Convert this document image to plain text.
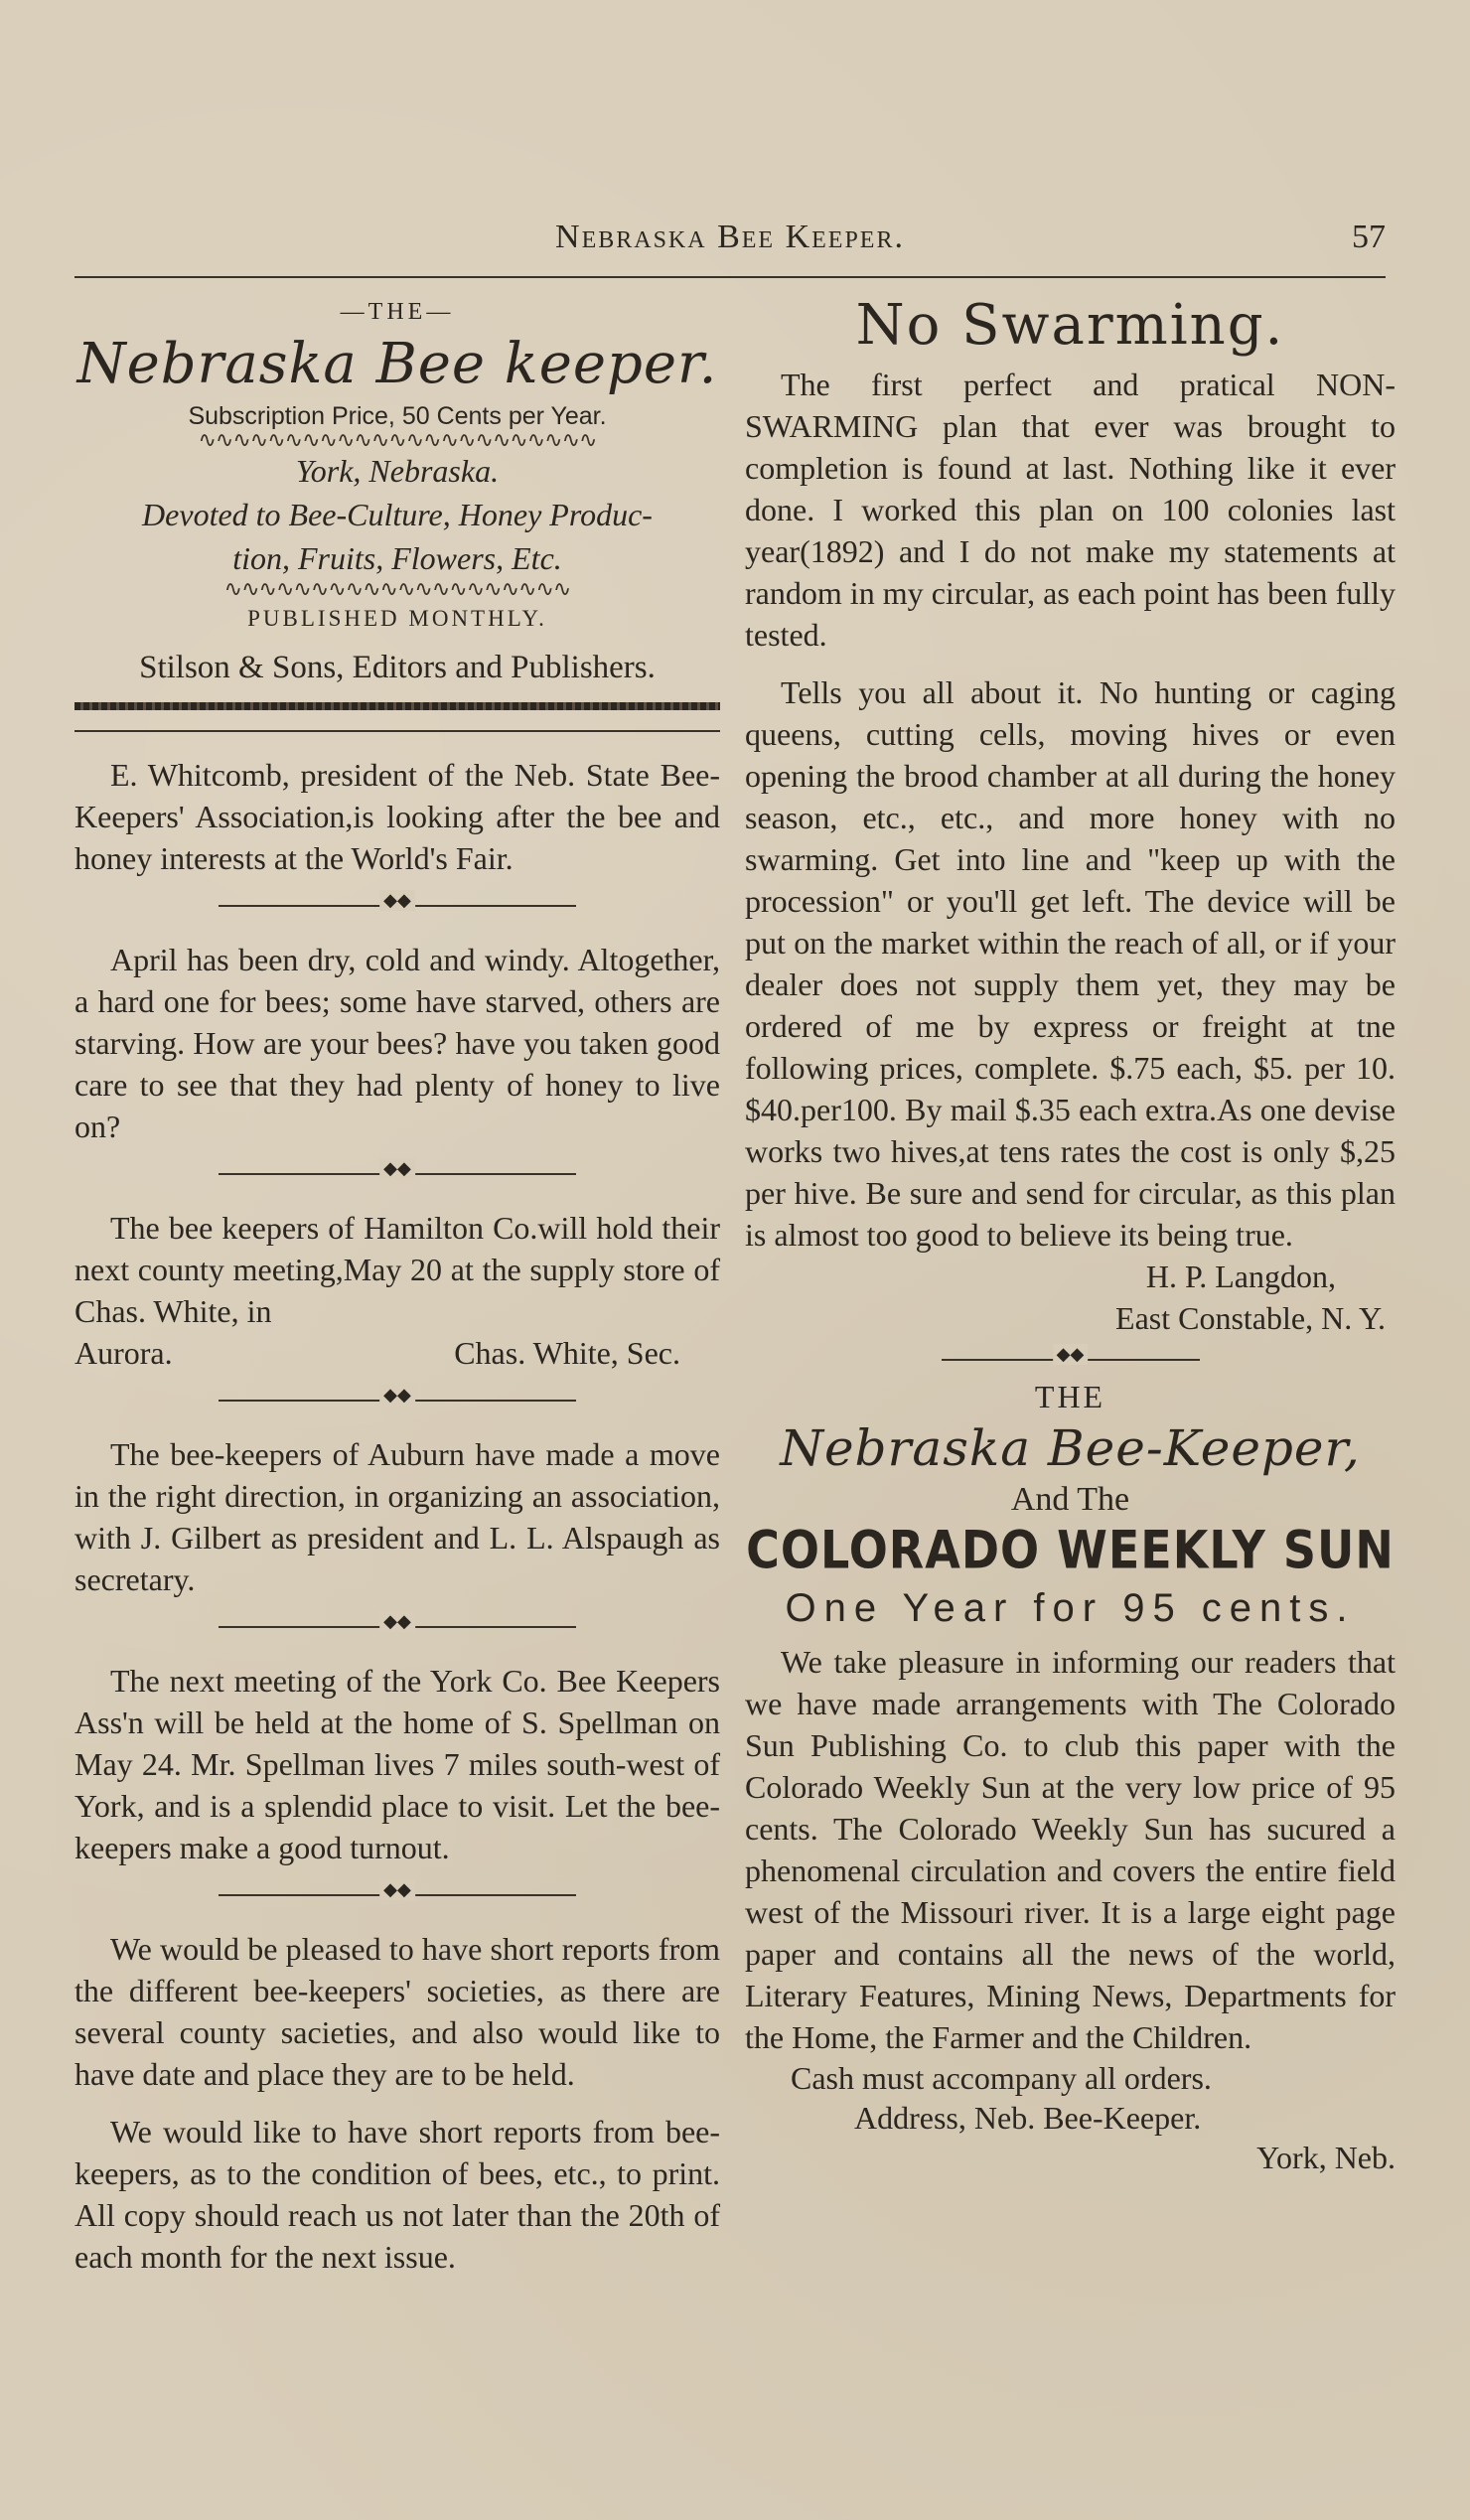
Nebraska Bee Keeper.	57
—THE—
Nebraska Bee keeper.
Subscription Price, 50 Cents per Year.
∿∿∿∿∿∿∿∿∿∿∿∿∿∿∿∿∿∿∿∿∿∿∿
York, Nebraska.
Devoted to Bee-Culture, Honey Produc-
tion, Fruits, Flowers, Etc.
∿∿∿∿∿∿∿∿∿∿∿∿∿∿∿∿∿∿∿∿
PUBLISHED MONTHLY.
Stilson & Sons, Editors and Publishers.

E. Whitcomb, president of the Neb. State Bee-Keepers' Association,is looking after the bee and honey interests at the World's Fair.

◆◆

April has been dry, cold and windy. Altogether, a hard one for bees; some have starved, others are starving. How are your bees? have you taken good care to see that they had plenty of honey to live on?

◆◆

The bee keepers of Hamilton Co.will hold their next county meeting,May 20 at the supply store of Chas. White, in

Aurora.	Chas. White, Sec.
◆◆

The bee-keepers of Auburn have made a move in the right direction, in organizing an association, with J. Gilbert as president and L. L. Alspaugh as secretary.

◆◆

The next meeting of the York Co. Bee Keepers Ass'n will be held at the home of S. Spellman on May 24. Mr. Spellman lives 7 miles south-west of York, and is a splendid place to visit. Let the bee-keepers make a good turnout.

◆◆

We would be pleased to have short reports from the different bee-keepers' societies, as there are several county sacieties, and also would like to have date and place they are to be held.

We would like to have short reports from bee-keepers, as to the condition of bees, etc., to print. All copy should reach us not later than the 20th of each month for the next issue.

No Swarming.

The first perfect and pratical NON-SWARMING plan that ever was brought to completion is found at last. Nothing like it ever done. I worked this plan on 100 colonies last year(1892) and I do not make my statements at random in my circular, as each point has been fully tested.

Tells you all about it. No hunting or caging queens, cutting cells, moving hives or even opening the brood chamber at all during the honey season, etc., etc., and more honey with no swarming. Get into line and "keep up with the procession" or you'll get left. The device will be put on the market within the reach of all, or if your dealer does not supply them yet, they may be ordered of me by express or freight at tne following prices, complete. $.75 each, $5. per 10. $40.per100. By mail $.35 each extra.As one devise works two hives,at tens rates the cost is only $,25 per hive. Be sure and send for circular, as this plan is almost too good to believe its being true.

H. P. Langdon,
East Constable, N. Y.
◆◆
THE
Nebraska Bee-Keeper,
And The
COLORADO WEEKLY SUN
One Year for 95 cents.

We take pleasure in informing our readers that we have made arrangements with The Colorado Sun Publishing Co. to club this paper with the Colorado Weekly Sun at the very low price of 95 cents. The Colorado Weekly Sun has sucured a phenomenal circulation and covers the entire field west of the Missouri river. It is a large eight page paper and contains all the news of the world, Literary Features, Mining News, Departments for the Home, the Farmer and the Children.

Cash must accompany all orders.
Address, Neb. Bee-Keeper.
York, Neb.
